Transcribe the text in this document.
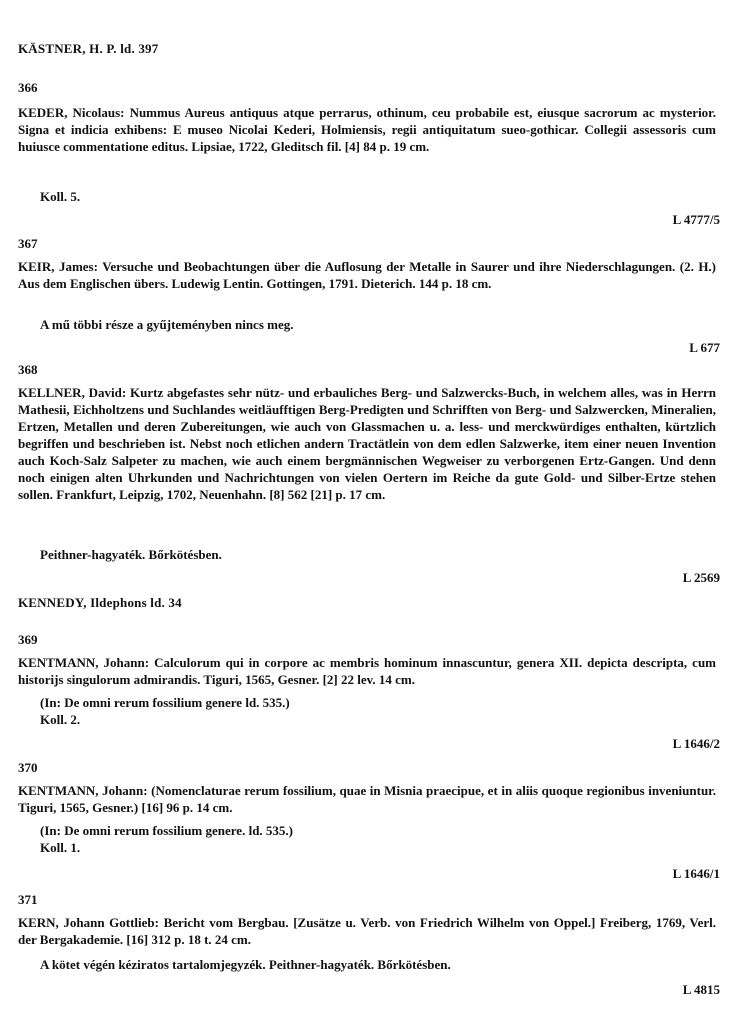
KÄSTNER, H. P. ld. 397
366
KEDER, Nicolaus: Nummus Aureus antiquus atque perrarus, othinum, ceu probabile est, eiusque sacrorum ac mysterior. Signa et indicia exhibens: E museo Nicolai Kederi, Holmiensis, regii antiquitatum sueo-gothicar. Collegii assessoris cum huiusce commentatione editus. Lipsiae, 1722, Gleditsch fil. [4] 84 p. 19 cm.
Koll. 5.
L 4777/5
367
KEIR, James: Versuche und Beobachtungen über die Auflosung der Metalle in Saurer und ihre Niederschlagungen. (2. H.) Aus dem Englischen übers. Ludewig Lentin. Gottingen, 1791. Dieterich. 144 p. 18 cm.
A mű többi része a gyűjteményben nincs meg.
L 677
368
KELLNER, David: Kurtz abgefastes sehr nütz- und erbauliches Berg- und Salzwercks-Buch, in welchem alles, was in Herrn Mathesii, Eichholtzens und Suchlandes weitläufftigen Berg-Predigten und Schrifften von Berg- und Salzwercken, Mineralien, Ertzen, Metallen und deren Zubereitungen, wie auch von Glassmachen u. a. less- und merckwürdiges enthalten, kürtzlich begriffen und beschrieben ist. Nebst noch etlichen andern Tractätlein von dem edlen Salzwerke, item einer neuen Invention auch Koch-Salz Salpeter zu machen, wie auch einem bergmännischen Wegweiser zu verborgenen Ertz-Gangen. Und denn noch einigen alten Uhrkunden und Nachrichtungen von vielen Oertern im Reiche da gute Gold- und Silber-Ertze stehen sollen. Frankfurt, Leipzig, 1702, Neuenhahn. [8] 562 [21] p. 17 cm.
Peithner-hagyaték. Bőrkötésben.
L 2569
KENNEDY, Ildephons ld. 34
369
KENTMANN, Johann: Calculorum qui in corpore ac membris hominum innascuntur, genera XII. depicta descripta, cum historijs singulorum admirandis. Tiguri, 1565, Gesner. [2] 22 lev. 14 cm.
(In: De omni rerum fossilium genere ld. 535.)
Koll. 2.
L 1646/2
370
KENTMANN, Johann: (Nomenclaturae rerum fossilium, quae in Misnia praecipue, et in aliis quoque regionibus inveniuntur. Tiguri, 1565, Gesner.) [16] 96 p. 14 cm.
(In: De omni rerum fossilium genere. ld. 535.)
Koll. 1.
L 1646/1
371
KERN, Johann Gottlieb: Bericht vom Bergbau. [Zusätze u. Verb. von Friedrich Wilhelm von Oppel.] Freiberg, 1769, Verl. der Bergakademie. [16] 312 p. 18 t. 24 cm.
A kötet végén kéziratos tartalomjegyzék. Peithner-hagyaték. Bőrkötésben.
L 4815
